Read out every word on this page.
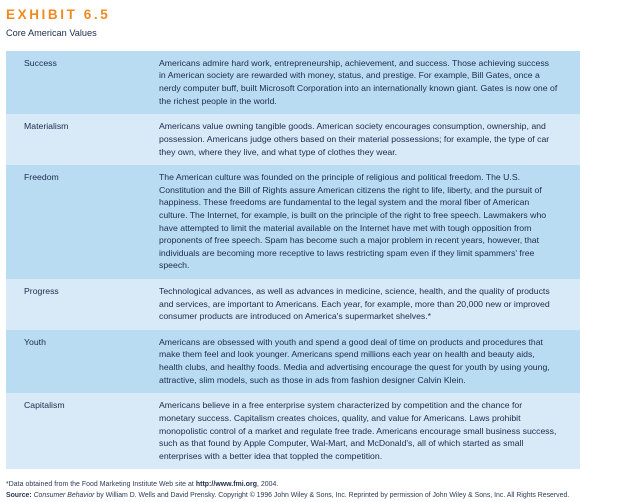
EXHIBIT 6.5
Core American Values
Success	Americans admire hard work, entrepreneurship, achievement, and success. Those achieving success in American society are rewarded with money, status, and prestige. For example, Bill Gates, once a nerdy computer buff, built Microsoft Corporation into an internationally known giant. Gates is now one of the richest people in the world.
Materialism	Americans value owning tangible goods. American society encourages consumption, ownership, and possession. Americans judge others based on their material possessions; for example, the type of car they own, where they live, and what type of clothes they wear.
Freedom	The American culture was founded on the principle of religious and political freedom. The U.S. Constitution and the Bill of Rights assure American citizens the right to life, liberty, and the pursuit of happiness. These freedoms are fundamental to the legal system and the moral fiber of American culture. The Internet, for example, is built on the principle of the right to free speech. Lawmakers who have attempted to limit the material available on the Internet have met with tough opposition from proponents of free speech. Spam has become such a major problem in recent years, however, that individuals are becoming more receptive to laws restricting spam even if they limit spammers' free speech.
Progress	Technological advances, as well as advances in medicine, science, health, and the quality of products and services, are important to Americans. Each year, for example, more than 20,000 new or improved consumer products are introduced on America's supermarket shelves.*
Youth	Americans are obsessed with youth and spend a good deal of time on products and procedures that make them feel and look younger. Americans spend millions each year on health and beauty aids, health clubs, and healthy foods. Media and advertising encourage the quest for youth by using young, attractive, slim models, such as those in ads from fashion designer Calvin Klein.
Capitalism	Americans believe in a free enterprise system characterized by competition and the chance for monetary success. Capitalism creates choices, quality, and value for Americans. Laws prohibit monopolistic control of a market and regulate free trade. Americans encourage small business success, such as that found by Apple Computer, Wal-Mart, and McDonald's, all of which started as small enterprises with a better idea that toppled the competition.

*Data obtained from the Food Marketing Institute Web site at http://www.fmi.org, 2004.

Source: Consumer Behavior by William D. Wells and David Prensky. Copyright © 1996 John Wiley & Sons, Inc. Reprinted by permission of John Wiley & Sons, Inc. All Rights Reserved.
